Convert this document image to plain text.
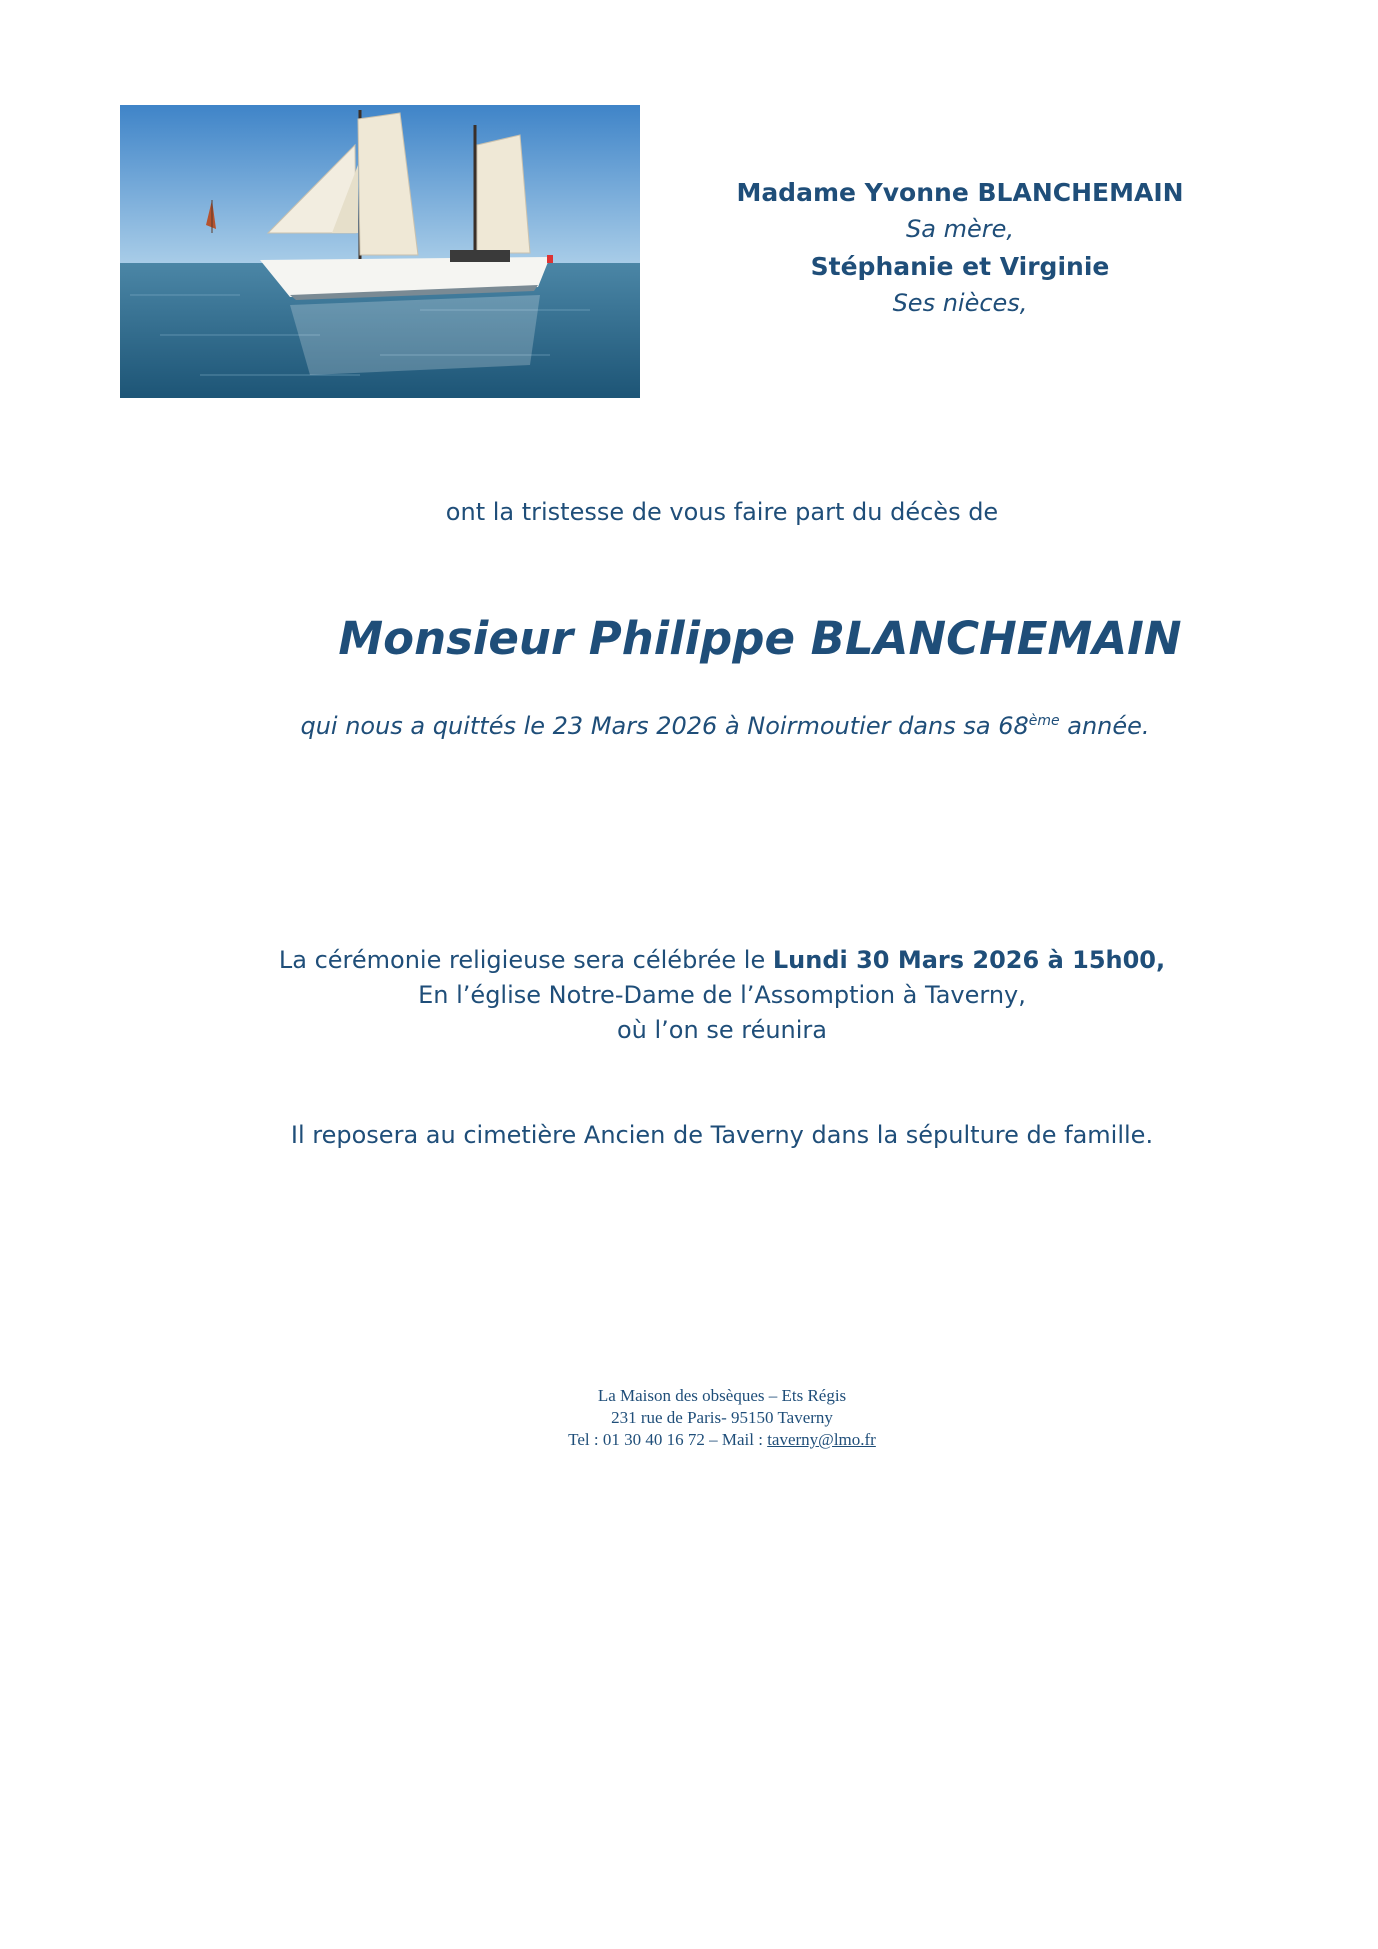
Madame Yvonne BLANCHEMAIN
Sa mère,
Stéphanie et Virginie
Ses nièces,
ont la tristesse de vous faire part du décès de
Monsieur Philippe BLANCHEMAIN
qui nous a quittés le 23 Mars 2026 à Noirmoutier dans sa 68ème année.
La cérémonie religieuse sera célébrée le Lundi 30 Mars 2026 à 15h00,
En l’église Notre-Dame de l’Assomption à Taverny,
où l’on se réunira
Il reposera au cimetière Ancien de Taverny dans la sépulture de famille.
La Maison des obsèques – Ets Régis
231 rue de Paris- 95150 Taverny
Tel : 01 30 40 16 72 – Mail : taverny@lmo.fr
